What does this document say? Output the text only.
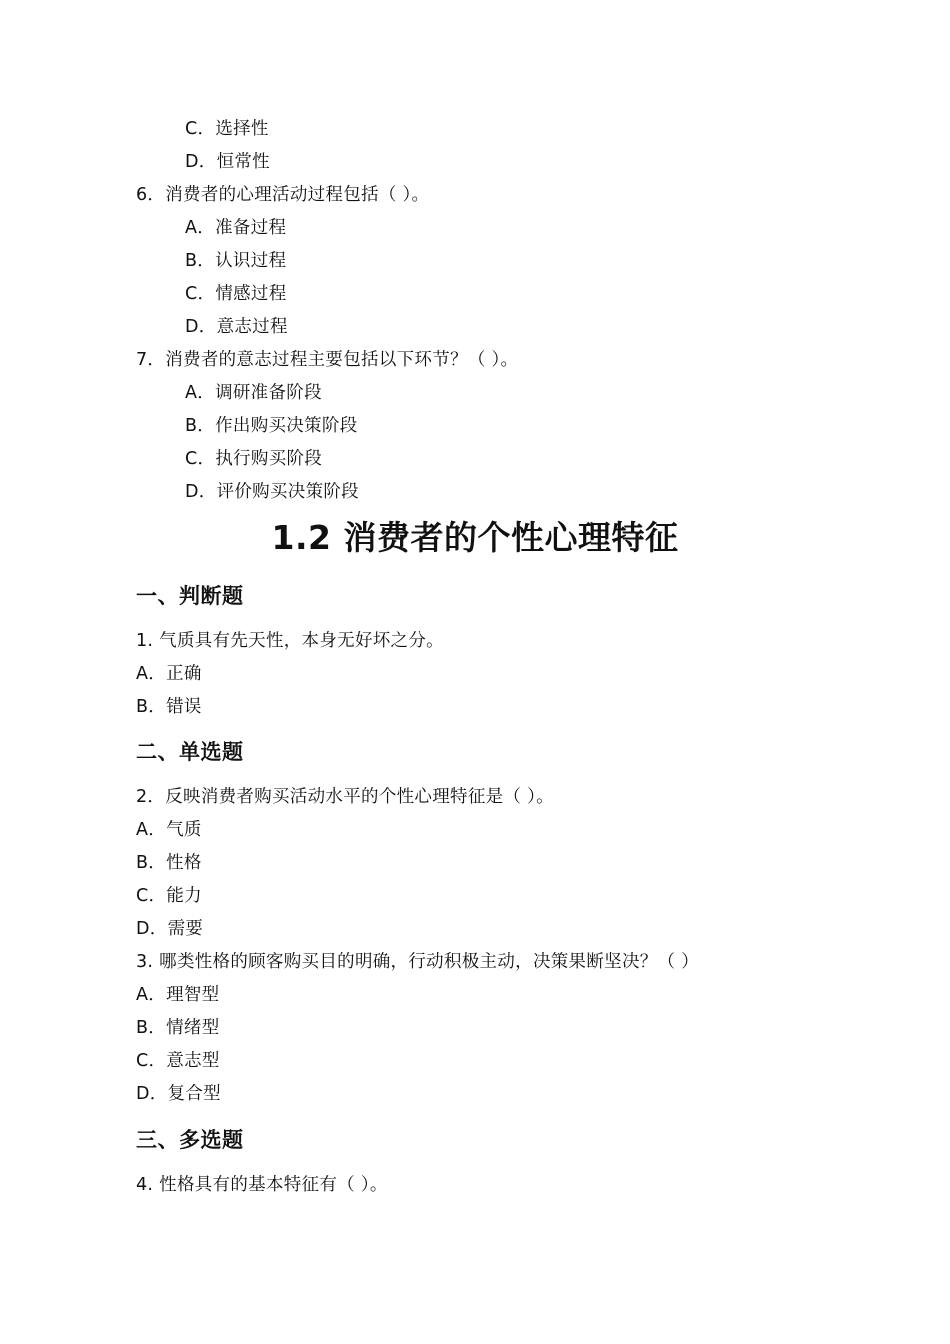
C．选择性
D．恒常性
6．消费者的心理活动过程包括（ ）。
A．准备过程
B．认识过程
C．情感过程
D．意志过程
7．消费者的意志过程主要包括以下环节？（ ）。
A．调研准备阶段
B．作出购买决策阶段
C．执行购买阶段
D．评价购买决策阶段
1.2 消费者的个性心理特征
一、判断题
1. 气质具有先天性，本身无好坏之分。
A．正确
B．错误
二、单选题
2．反映消费者购买活动水平的个性心理特征是（ ）。
A．气质
B．性格
C．能力
D．需要
3. 哪类性格的顾客购买目的明确，行动积极主动，决策果断坚决？（ ）
A．理智型
B．情绪型
C．意志型
D．复合型
三、多选题
4. 性格具有的基本特征有（ ）。
